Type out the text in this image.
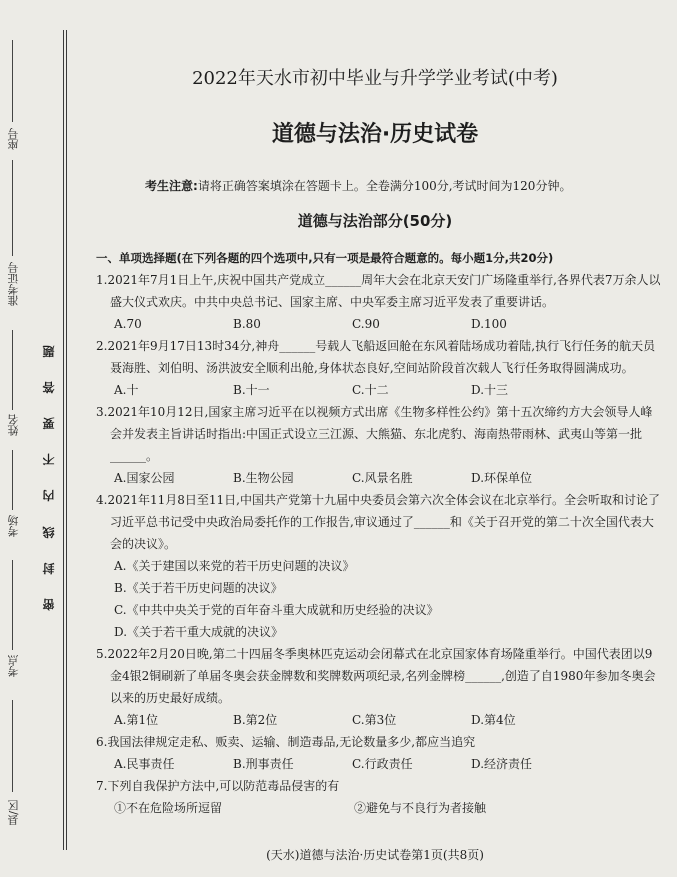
座号
准考证号
姓名
考场
考点
县/区
密 封 线 内 不 要 答 题
2022年天水市初中毕业与升学学业考试(中考)
道德与法治·历史试卷
考生注意:请将正确答案填涂在答题卡上。全卷满分100分,考试时间为120分钟。
道德与法治部分(50分)
一、单项选择题(在下列各题的四个选项中,只有一项是最符合题意的。每小题1分,共20分)
1.2021年7月1日上午,庆祝中国共产党成立______周年大会在北京天安门广场隆重举行,各界代表7万余人以盛大仪式欢庆。中共中央总书记、国家主席、中央军委主席习近平发表了重要讲话。
A.70	B.80	C.90	D.100
2.2021年9月17日13时34分,神舟______号载人飞船返回舱在东风着陆场成功着陆,执行飞行任务的航天员聂海胜、刘伯明、汤洪波安全顺利出舱,身体状态良好,空间站阶段首次载人飞行任务取得圆满成功。
A.十	B.十一	C.十二	D.十三
3.2021年10月12日,国家主席习近平在以视频方式出席《生物多样性公约》第十五次缔约方大会领导人峰会并发表主旨讲话时指出:中国正式设立三江源、大熊猫、东北虎豹、海南热带雨林、武夷山等第一批______。
A.国家公园	B.生物公园	C.风景名胜	D.环保单位
4.2021年11月8日至11日,中国共产党第十九届中央委员会第六次全体会议在北京举行。全会听取和讨论了习近平总书记受中央政治局委托作的工作报告,审议通过了______和《关于召开党的第二十次全国代表大会的决议》。
A.《关于建国以来党的若干历史问题的决议》
B.《关于若干历史问题的决议》
C.《中共中央关于党的百年奋斗重大成就和历史经验的决议》
D.《关于若干重大成就的决议》
5.2022年2月20日晚,第二十四届冬季奥林匹克运动会闭幕式在北京国家体育场隆重举行。中国代表团以9金4银2铜刷新了单届冬奥会获金牌数和奖牌数两项纪录,名列金牌榜______,创造了自1980年参加冬奥会以来的历史最好成绩。
A.第1位	B.第2位	C.第3位	D.第4位
6.我国法律规定走私、贩卖、运输、制造毒品,无论数量多少,都应当追究
A.民事责任	B.刑事责任	C.行政责任	D.经济责任
7.下列自我保护方法中,可以防范毒品侵害的有
①不在危险场所逗留	②避免与不良行为者接触
(天水)道德与法治·历史试卷第1页(共8页)
